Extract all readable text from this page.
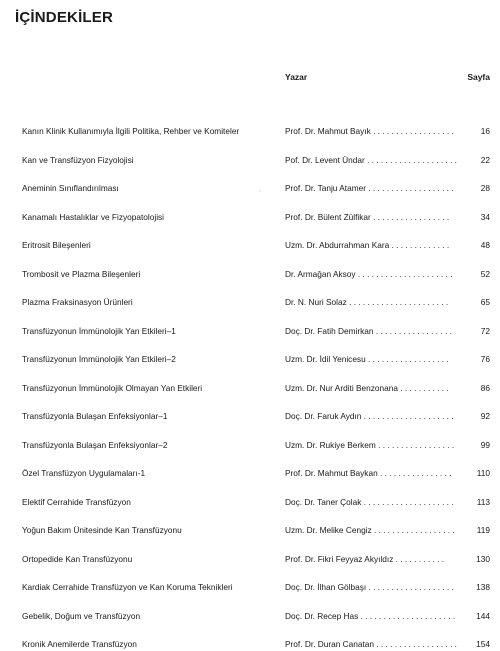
İÇİNDEKİLER
Yazar	Sayfa
Kanın Klinik Kullanımıyla İlgili Politika, Rehber ve Komiteler	Prof. Dr. Mahmut Bayık . . . . . . . . . . . . . . . . . .	16
Kan ve Transfüzyon Fizyolojisi	Pof. Dr. Levent Ündar . . . . . . . . . . . . . . . . . . . .	22
Aneminin Sınıflandırılması	Prof. Dr. Tanju Atamer . . . . . . . . . . . . . . . . . . .	28
ˎ
Kanamalı Hastalıklar ve Fizyopatolojisi	Prof. Dr. Bülent Zülfikar . . . . . . . . . . . . . . . . .	34
Eritrosit Bileşenleri	Uzm. Dr. Abdurrahman Kara . . . . . . . . . . . . .	48
Trombosit ve Plazma Bileşenleri	Dr. Armağan Aksoy . . . . . . . . . . . . . . . . . . . . .	52
Plazma Fraksinasyon Ürünleri	Dr. N. Nuri Solaz . . . . . . . . . . . . . . . . . . . . . .	65
Transfüzyonun İmmünolojik Yan Etkileri–1	Doç. Dr. Fatih Demirkan . . . . . . . . . . . . . . . . .	72
Transfüzyonun İmmünolojik Yan Etkileri–2	Uzm. Dr. İdil Yenicesu . . . . . . . . . . . . . . . . . .	76
Transfüzyonun İmmünolojik Olmayan Yan Etkileri	Uzm. Dr. Nur Arditi Benzonana . . . . . . . . . . .	86
Transfüzyonla Bulaşan Enfeksiyonlar–1	Doç. Dr. Faruk Aydın . . . . . . . . . . . . . . . . . . . .	92
Transfüzyonla Bulaşan Enfeksiyonlar–2	Uzm. Dr. Rukiye Berkem . . . . . . . . . . . . . . . . .	99
Özel Transfüzyon Uygulamaları-1	Prof. Dr. Mahmut Baykan . . . . . . . . . . . . . . . .	110
Elektif Cerrahide Transfüzyon	Doç. Dr. Taner Çolak . . . . . . . . . . . . . . . . . . . .	113
Yoğun Bakım Ünitesinde Kan Transfüzyonu	Uzm. Dr. Melike Cengiz . . . . . . . . . . . . . . . . . .	119
Ortopedide Kan Transfüzyonu	Prof. Dr. Fikri Feyyaz Akyıldız . . . . . . . . . . .	130
Kardiak Cerrahide Transfüzyon ve Kan Koruma Teknikleri	Doç. Dr. İlhan Gölbaşı . . . . . . . . . . . . . . . . . . .	138
Gebelik, Doğum ve Transfüzyon	Doç. Dr. Recep Has . . . . . . . . . . . . . . . . . . . . .	144
Kronik Anemilerde Transfüzyon	Prof. Dr. Duran Canatan . . . . . . . . . . . . . . . . . . 154
